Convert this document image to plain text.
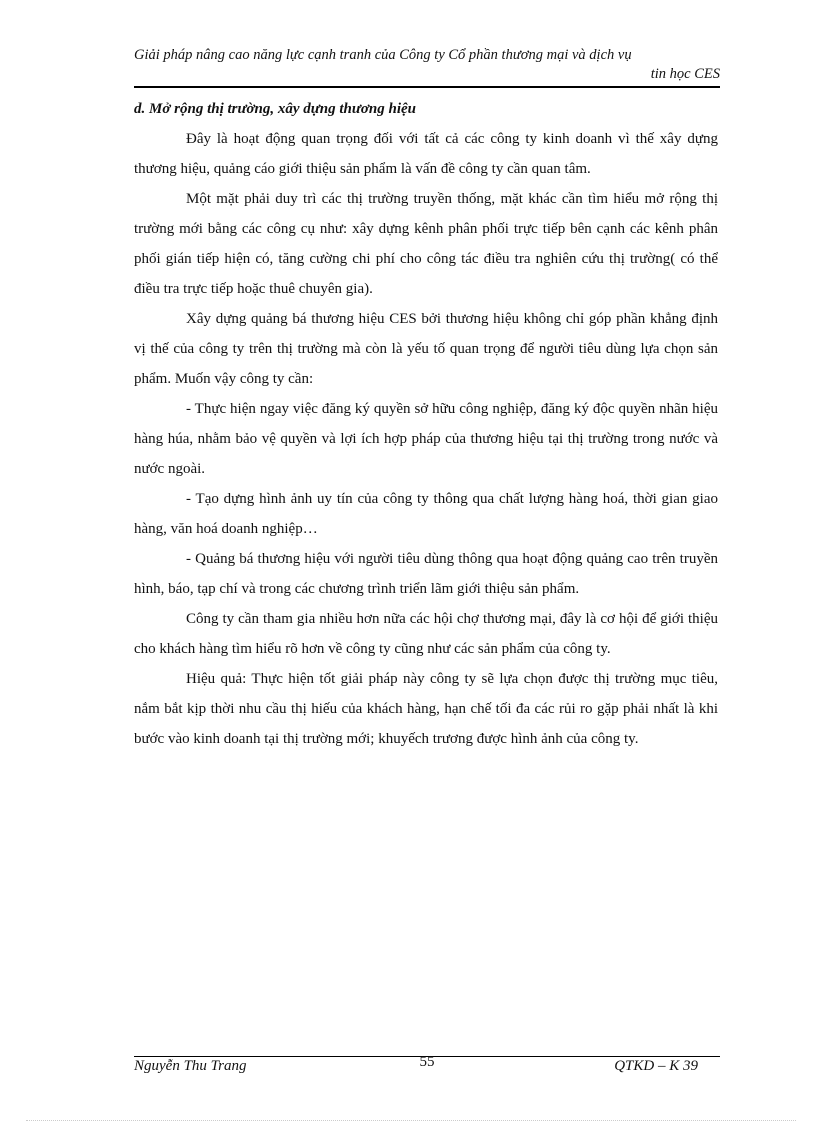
Giải pháp nâng cao năng lực cạnh tranh của Công ty Cổ phần thương mại và dịch vụ
tin học CES

d. Mở rộng thị trường, xây dựng thương hiệu

Đây là hoạt động quan trọng đối với tất cả các công ty kinh doanh vì thế xây dựng thương hiệu, quảng cáo giới thiệu sản phẩm là vấn đề công ty cần quan tâm.

Một mặt phải duy trì các thị trường truyền thống, mặt khác cần tìm hiểu mở rộng thị trường mới bằng các công cụ như: xây dựng kênh phân phối trực tiếp bên cạnh các kênh phân phối gián tiếp hiện có, tăng cường chi phí cho công tác điều tra nghiên cứu thị trường( có thể điều tra trực tiếp hoặc thuê chuyên gia).

Xây dựng quảng bá thương hiệu CES bởi thương hiệu không chỉ góp phần khẳng định vị thế của công ty trên thị trường mà còn là yếu tố quan trọng để người tiêu dùng lựa chọn sản phẩm. Muốn vậy công ty cần:

- Thực hiện ngay việc đăng ký quyền sở hữu công nghiệp, đăng ký độc quyền nhãn hiệu hàng húa, nhằm bảo vệ quyền và lợi ích hợp pháp của thương hiệu tại thị trường trong nước và nước ngoài.

- Tạo dựng hình ảnh uy tín của công ty thông qua chất lượng hàng hoá, thời gian giao hàng, văn hoá doanh nghiệp…

- Quảng bá thương hiệu với người tiêu dùng thông qua hoạt động quảng cao trên truyền hình, báo, tạp chí và trong các chương trình triển lãm giới thiệu sản phẩm.

Công ty cần tham gia nhiều hơn nữa các hội chợ thương mại, đây là cơ hội để giới thiệu cho khách hàng tìm hiểu rõ hơn về công ty cũng như các sản phẩm của công ty.

Hiệu quả: Thực hiện tốt giải pháp này công ty sẽ lựa chọn được thị trường mục tiêu, nắm bắt kịp thời nhu cầu thị hiếu của khách hàng, hạn chế tối đa các rủi ro gặp phải nhất là khi bước vào kinh doanh tại thị trường mới; khuyếch trương được hình ảnh của công ty.

Nguyễn Thu Trang	55	QTKD – K 39
